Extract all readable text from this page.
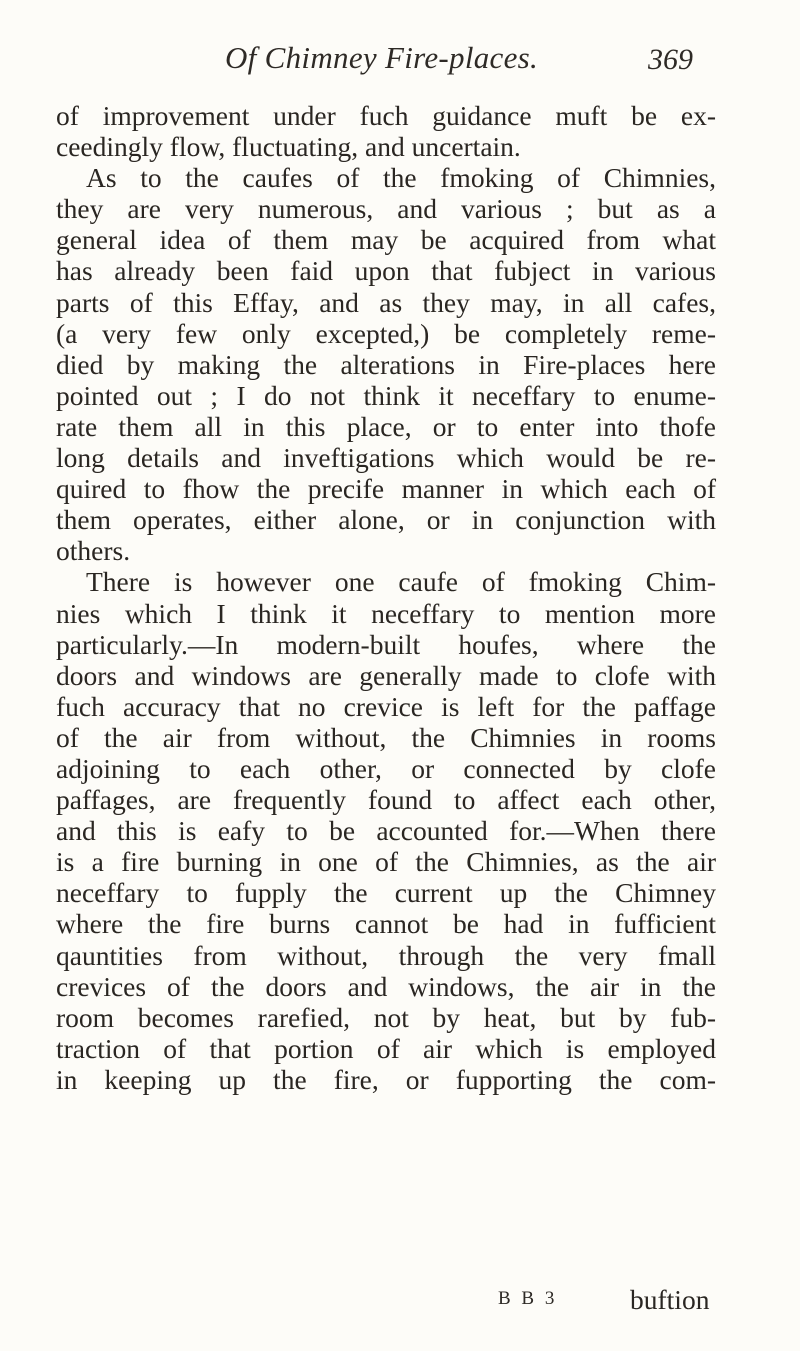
Of Chimney Fire-places.	369
of improvement under fuch guidance muft be ex-
ceedingly flow, fluctuating, and uncertain.
As to the caufes of the fmoking of Chimnies,
they are very numerous, and various ; but as a
general idea of them may be acquired from what
has already been faid upon that fubject in various
parts of this Effay, and as they may, in all cafes,
(a very few only excepted,) be completely reme-
died by making the alterations in Fire-places here
pointed out ; I do not think it neceffary to enume-
rate them all in this place, or to enter into thofe
long details and inveftigations which would be re-
quired to fhow the precife manner in which each of
them operates, either alone, or in conjunction with
others.
There is however one caufe of fmoking Chim-
nies which I think it neceffary to mention more
particularly.—In modern-built houfes, where the
doors and windows are generally made to clofe with
fuch accuracy that no crevice is left for the paffage
of the air from without, the Chimnies in rooms
adjoining to each other, or connected by clofe
paffages, are frequently found to affect each other,
and this is eafy to be accounted for.—When there
is a fire burning in one of the Chimnies, as the air
neceffary to fupply the current up the Chimney
where the fire burns cannot be had in fufficient
qauntities from without, through the very fmall
crevices of the doors and windows, the air in the
room becomes rarefied, not by heat, but by fub-
traction of that portion of air which is employed
in keeping up the fire, or fupporting the com-
B B 3	buftion
